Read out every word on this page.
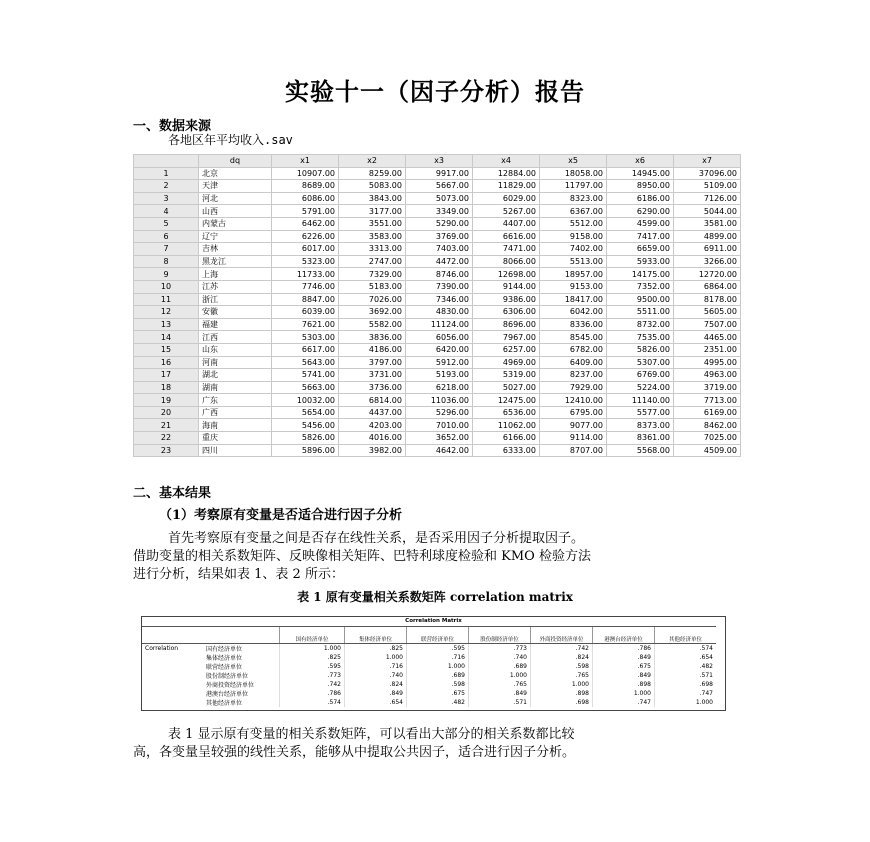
实验十一（因子分析）报告
一、数据来源
各地区年平均收入.sav
	dq	x1	x2	x3	x4	x5	x6	x7
1	北京	10907.00	8259.00	9917.00	12884.00	18058.00	14945.00	37096.00
2	天津	8689.00	5083.00	5667.00	11829.00	11797.00	8950.00	5109.00
3	河北	6086.00	3843.00	5073.00	6029.00	8323.00	6186.00	7126.00
4	山西	5791.00	3177.00	3349.00	5267.00	6367.00	6290.00	5044.00
5	内蒙古	6462.00	3551.00	5290.00	4407.00	5512.00	4599.00	3581.00
6	辽宁	6226.00	3583.00	3769.00	6616.00	9158.00	7417.00	4899.00
7	吉林	6017.00	3313.00	7403.00	7471.00	7402.00	6659.00	6911.00
8	黑龙江	5323.00	2747.00	4472.00	8066.00	5513.00	5933.00	3266.00
9	上海	11733.00	7329.00	8746.00	12698.00	18957.00	14175.00	12720.00
10	江苏	7746.00	5183.00	7390.00	9144.00	9153.00	7352.00	6864.00
11	浙江	8847.00	7026.00	7346.00	9386.00	18417.00	9500.00	8178.00
12	安徽	6039.00	3692.00	4830.00	6306.00	6042.00	5511.00	5605.00
13	福建	7621.00	5582.00	11124.00	8696.00	8336.00	8732.00	7507.00
14	江西	5303.00	3836.00	6056.00	7967.00	8545.00	7535.00	4465.00
15	山东	6617.00	4186.00	6420.00	6257.00	6782.00	5826.00	2351.00
16	河南	5643.00	3797.00	5912.00	4969.00	6409.00	5307.00	4995.00
17	湖北	5741.00	3731.00	5193.00	5319.00	8237.00	6769.00	4963.00
18	湖南	5663.00	3736.00	6218.00	5027.00	7929.00	5224.00	3719.00
19	广东	10032.00	6814.00	11036.00	12475.00	12410.00	11140.00	7713.00
20	广西	5654.00	4437.00	5296.00	6536.00	6795.00	5577.00	6169.00
21	海南	5456.00	4203.00	7010.00	11062.00	9077.00	8373.00	8462.00
22	重庆	5826.00	4016.00	3652.00	6166.00	9114.00	8361.00	7025.00
23	四川	5896.00	3982.00	4642.00	6333.00	8707.00	5568.00	4509.00
二、基本结果
（1）考察原有变量是否适合进行因子分析
首先考察原有变量之间是否存在线性关系，是否采用因子分析提取因子。
借助变量的相关系数矩阵、反映像相关矩阵、巴特利球度检验和 KMO 检验方法
进行分析，结果如表 1、表 2 所示：
表 1 原有变量相关系数矩阵 correlation matrix
Correlation Matrix
		国有经济单位	集体经济单位	联营经济单位	股份制经济单位	外商投资经济单位	港澳台经济单位	其他经济单位
Correlation	国有经济单位	1.000	.825	.595	.773	.742	.786	.574
	集体经济单位	.825	1.000	.716	.740	.824	.849	.654
	联营经济单位	.595	.716	1.000	.689	.598	.675	.482
	股份制经济单位	.773	.740	.689	1.000	.765	.849	.571
	外商投资经济单位	.742	.824	.598	.765	1.000	.898	.698
	港澳台经济单位	.786	.849	.675	.849	.898	1.000	.747
	其他经济单位	.574	.654	.482	.571	.698	.747	1.000
表 1 显示原有变量的相关系数矩阵，可以看出大部分的相关系数都比较
高，各变量呈较强的线性关系，能够从中提取公共因子，适合进行因子分析。
